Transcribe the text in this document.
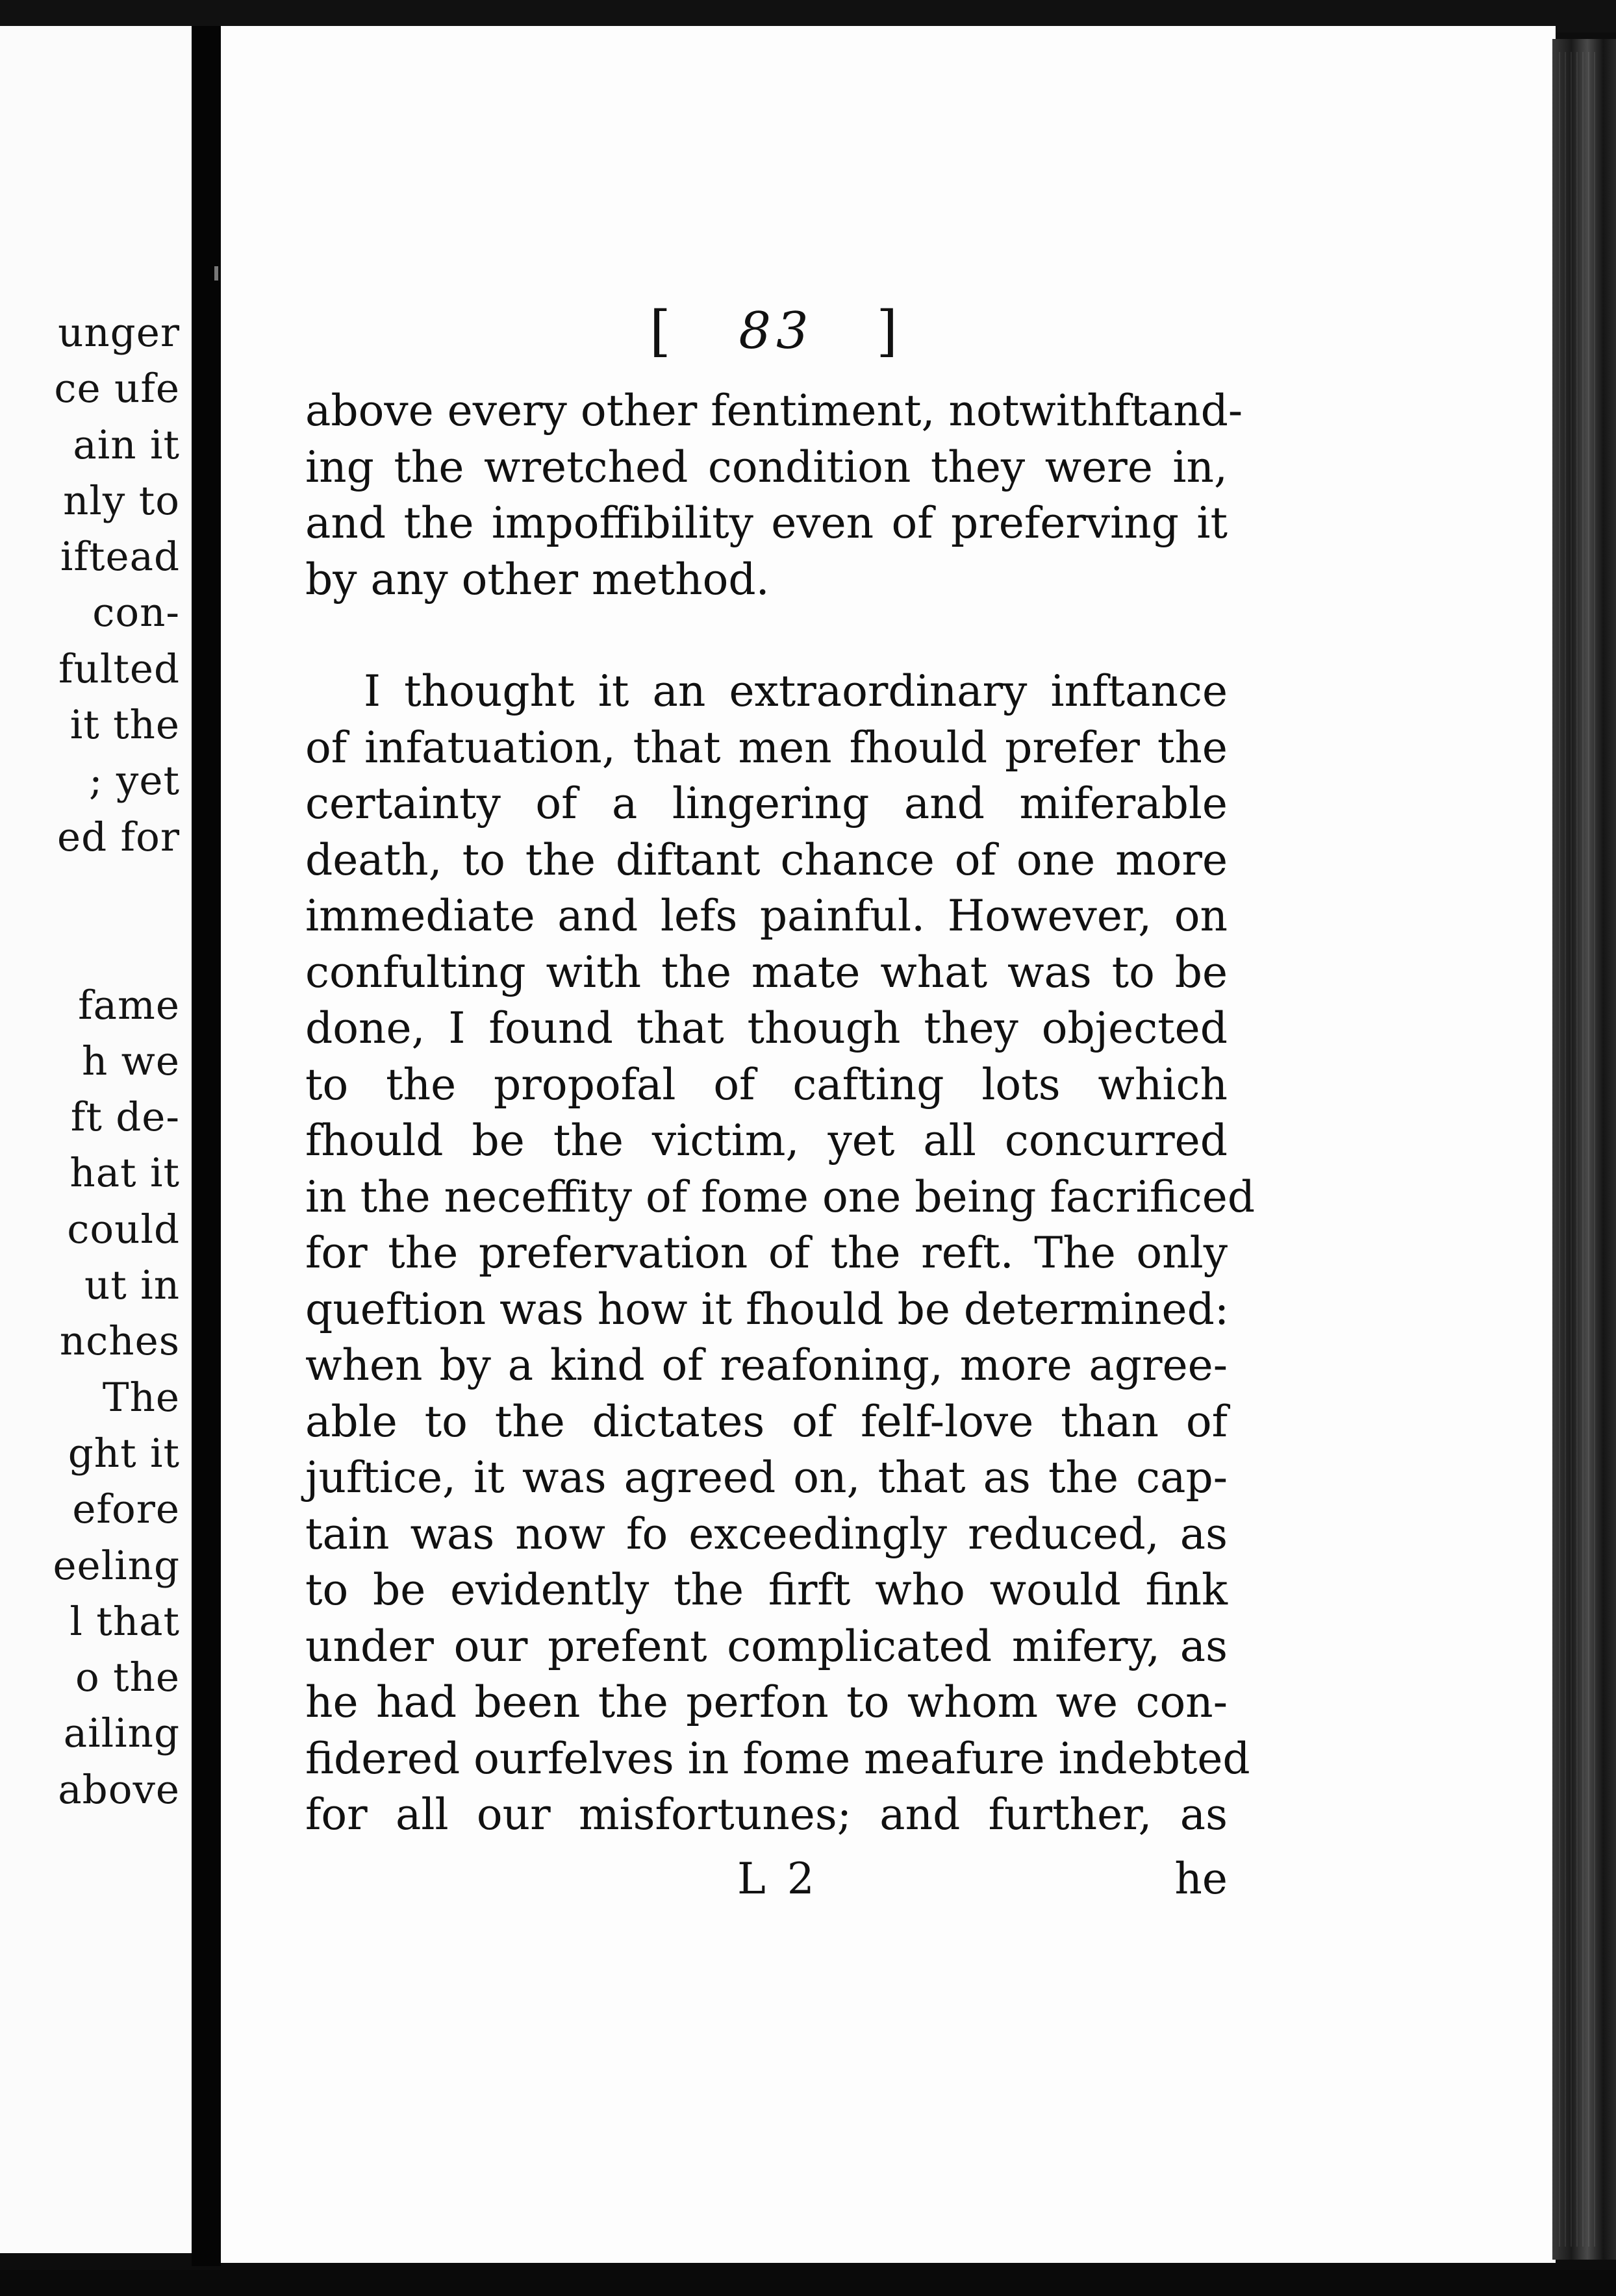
unger
ce ufe
ain it
nly to
iftead
con-
fulted
it the
; yet
ed for

fame
h we
ft de-
hat it
could
ut in
nches
The
ght it
efore
eeling
l that
o the
ailing
above
[ 83 ]
above every other fentiment, notwithftand-
ing the wretched condition they were in,
and the impoffibility even of preferving it
by any other method.
I thought it an extraordinary inftance
of infatuation, that men fhould prefer the
certainty of a lingering and miferable
death, to the diftant chance of one more
immediate and lefs painful. However, on
confulting with the mate what was to be
done, I found that though they objected
to the propofal of cafting lots which
fhould be the victim, yet all concurred
in the neceffity of fome one being facrificed
for the prefervation of the reft. The only
queftion was how it fhould be determined:
when by a kind of reafoning, more agree-
able to the dictates of felf-love than of
juftice, it was agreed on, that as the cap-
tain was now fo exceedingly reduced, as
to be evidently the firft who would fink
under our prefent complicated mifery, as
he had been the perfon to whom we con-
fidered ourfelves in fome meafure indebted
for all our misfortunes; and further, as
L 2	he
